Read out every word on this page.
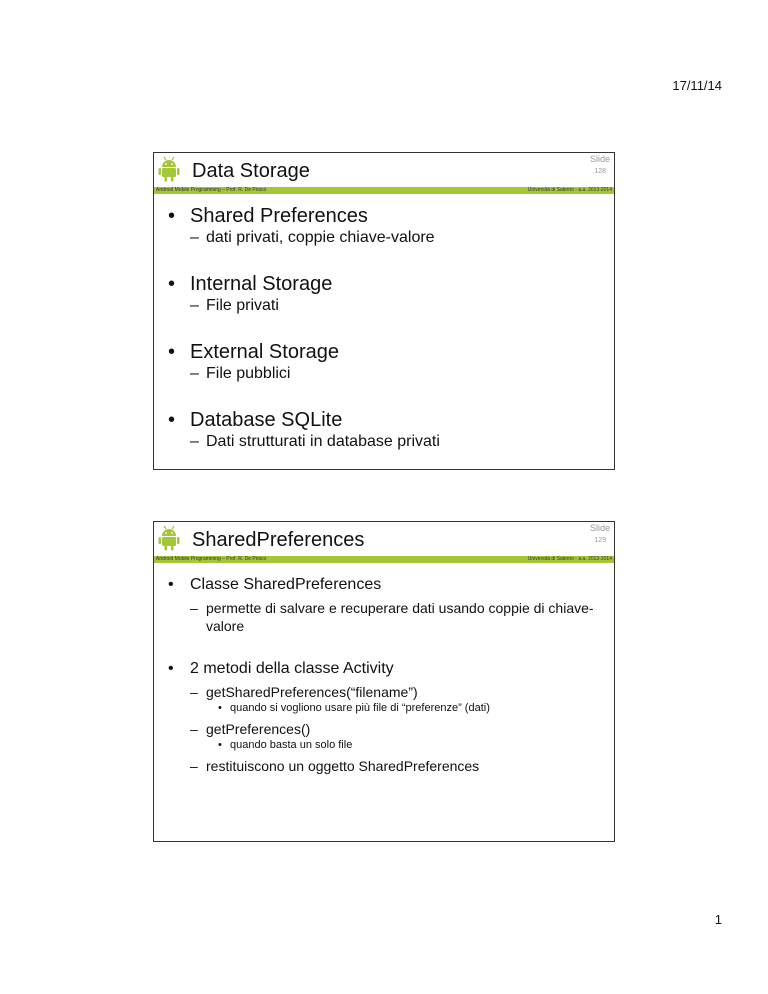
17/11/14
Data Storage
Slide
128
Android Mobile Programming – Prof. R. De Prisco	Università di Salerno - a.a. 2013-2014
• Shared Preferences
– dati privati, coppie chiave-valore
• Internal Storage
– File privati
• External Storage
– File pubblici
• Database SQLite
– Dati strutturati in database privati
SharedPreferences
Slide
129
Android Mobile Programming – Prof. R. De Prisco	Università di Salerno - a.a. 2013-2014
• Classe SharedPreferences
– permette di salvare e recuperare dati usando coppie di chiave-valore
• 2 metodi della classe Activity
– getSharedPreferences(“filename”)
• quando si vogliono usare più file di “preferenze” (dati)
– getPreferences()
• quando basta un solo file
– restituiscono un oggetto SharedPreferences
1
